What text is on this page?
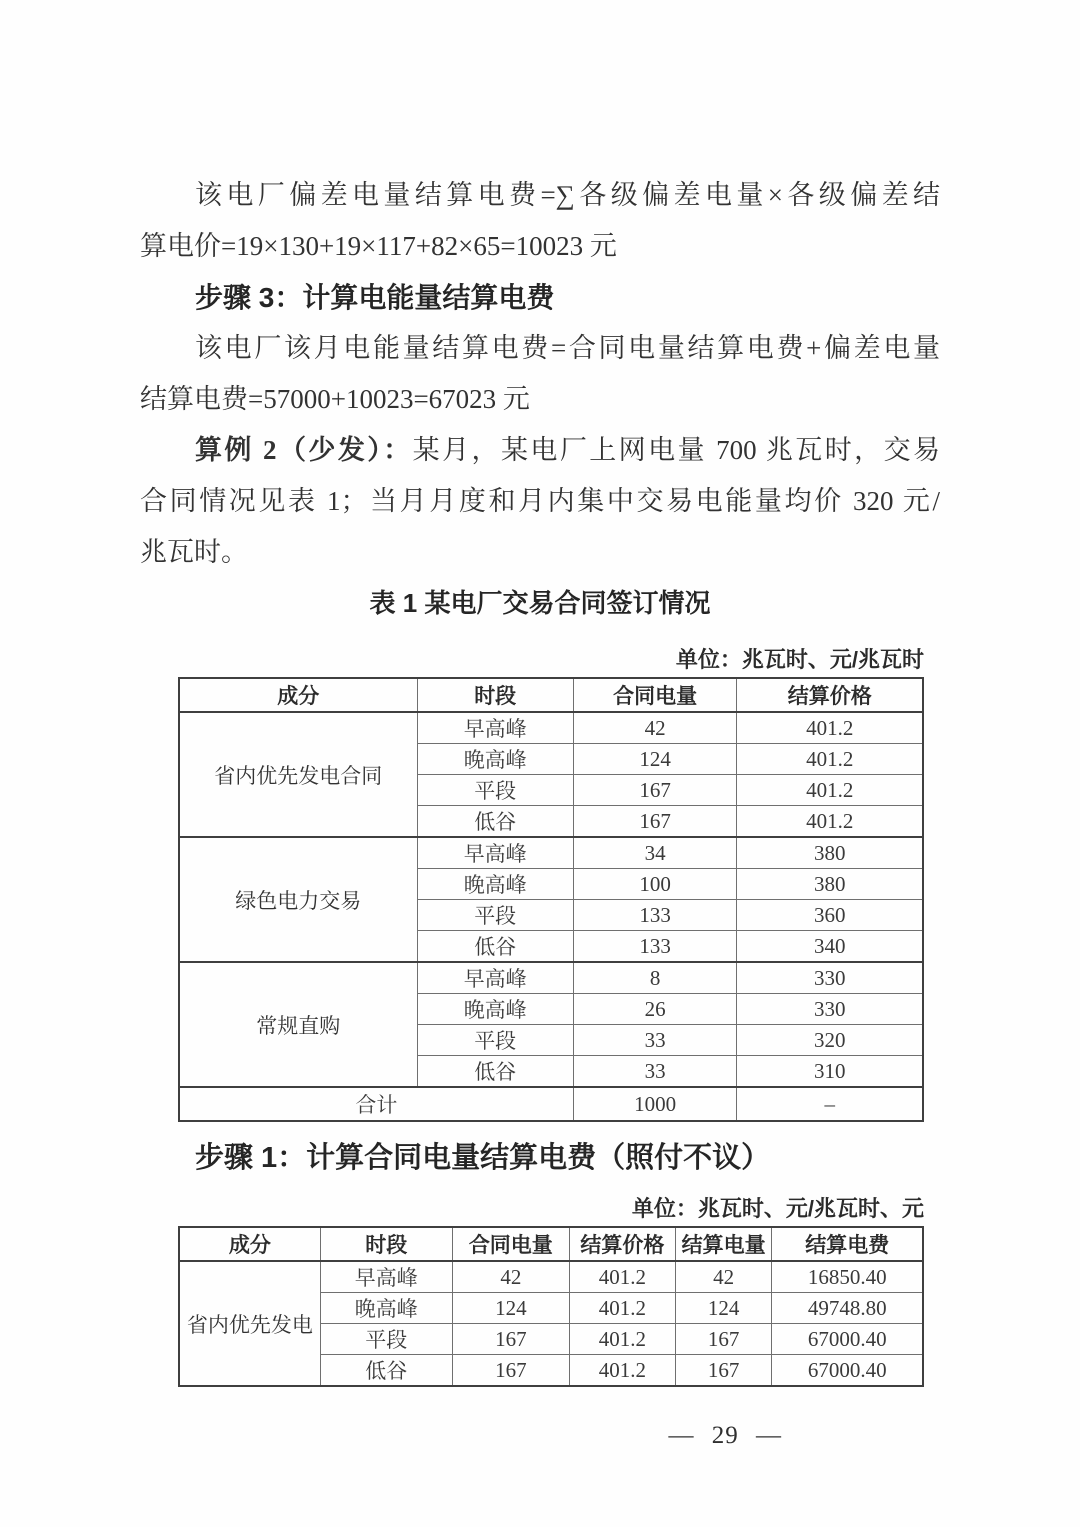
该电厂偏差电量结算电费=∑各级偏差电量×各级偏差结
算电价=19×130+19×117+82×65=10023 元
步骤 3：计算电能量结算电费
该电厂该月电能量结算电费=合同电量结算电费+偏差电量
结算电费=57000+10023=67023 元
算例 2（少发）：某月，某电厂上网电量 700 兆瓦时，交易
合同情况见表 1；当月月度和月内集中交易电能量均价 320 元/
兆瓦时。
表 1 某电厂交易合同签订情况
单位：兆瓦时、元/兆瓦时
成分	时段	合同电量	结算价格
省内优先发电合同	早高峰	42	401.2
	晚高峰	124	401.2
	平段	167	401.2
	低谷	167	401.2
绿色电力交易	早高峰	34	380
	晚高峰	100	380
	平段	133	360
	低谷	133	340
常规直购	早高峰	8	330
	晚高峰	26	330
	平段	33	320
	低谷	33	310
合计		1000	–
步骤 1：计算合同电量结算电费（照付不议）
单位：兆瓦时、元/兆瓦时、元
成分	时段	合同电量	结算价格	结算电量	结算电费
省内优先发电	早高峰	42	401.2	42	16850.40
	晚高峰	124	401.2	124	49748.80
	平段	167	401.2	167	67000.40
	低谷	167	401.2	167	67000.40
— 29 —
